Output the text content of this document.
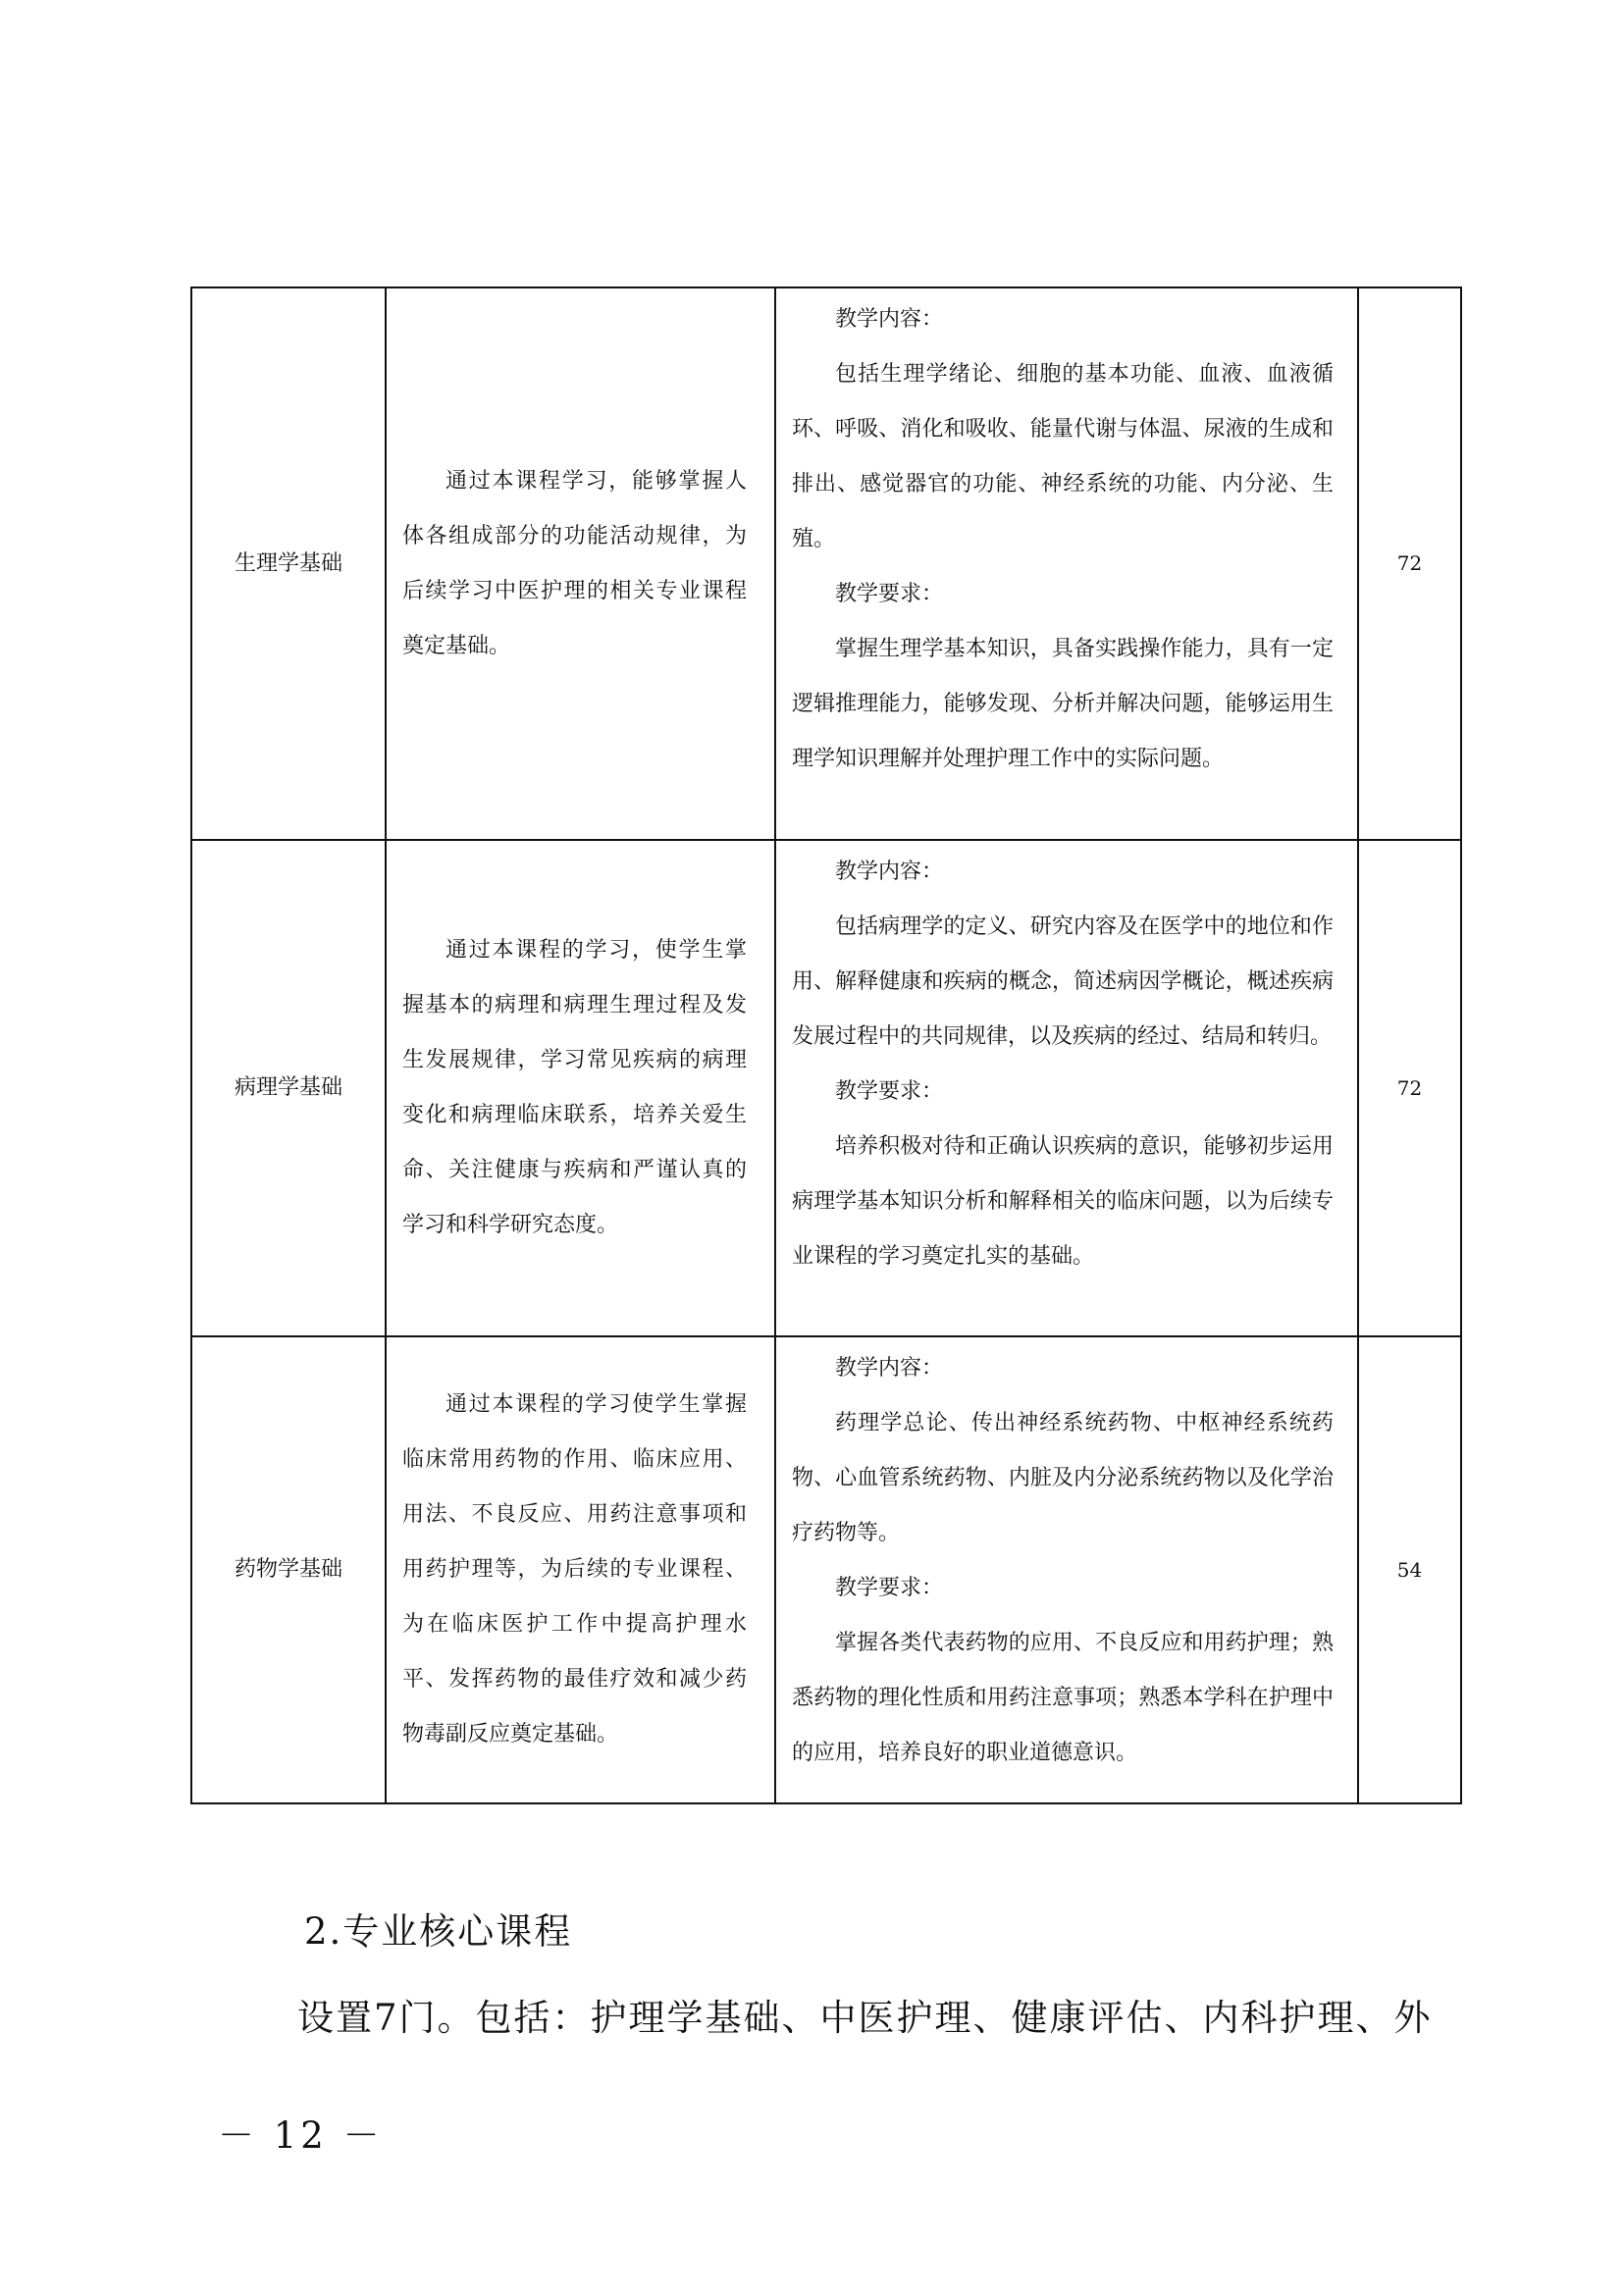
生理学基础	通过本课程学习，能够掌握人体各组成部分的功能活动规律，为后续学习中医护理的相关专业课程奠定基础。	教学内容：

包括生理学绪论、细胞的基本功能、血液、血液循环、呼吸、消化和吸收、能量代谢与体温、尿液的生成和排出、感觉器官的功能、神经系统的功能、内分泌、生殖。

教学要求：

掌握生理学基本知识，具备实践操作能力，具有一定逻辑推理能力，能够发现、分析并解决问题，能够运用生理学知识理解并处理护理工作中的实际问题。	72
病理学基础	通过本课程的学习，使学生掌握基本的病理和病理生理过程及发生发展规律，学习常见疾病的病理变化和病理临床联系，培养关爱生命、关注健康与疾病和严谨认真的学习和科学研究态度。	教学内容：

包括病理学的定义、研究内容及在医学中的地位和作用、解释健康和疾病的概念，简述病因学概论，概述疾病发展过程中的共同规律，以及疾病的经过、结局和转归。

教学要求：

培养积极对待和正确认识疾病的意识，能够初步运用病理学基本知识分析和解释相关的临床问题，以为后续专业课程的学习奠定扎实的基础。	72
药物学基础	通过本课程的学习使学生掌握临床常用药物的作用、临床应用、用法、不良反应、用药注意事项和用药护理等，为后续的专业课程、为在临床医护工作中提高护理水平、发挥药物的最佳疗效和减少药物毒副反应奠定基础。	教学内容：

药理学总论、传出神经系统药物、中枢神经系统药物、心血管系统药物、内脏及内分泌系统药物以及化学治疗药物等。

教学要求：

掌握各类代表药物的应用、不良反应和用药护理；熟悉药物的理化性质和用药注意事项；熟悉本学科在护理中的应用，培养良好的职业道德意识。	54
2.专业核心课程

设置7门。包括：护理学基础、中医护理、健康评估、内科护理、外

－ 12 －
